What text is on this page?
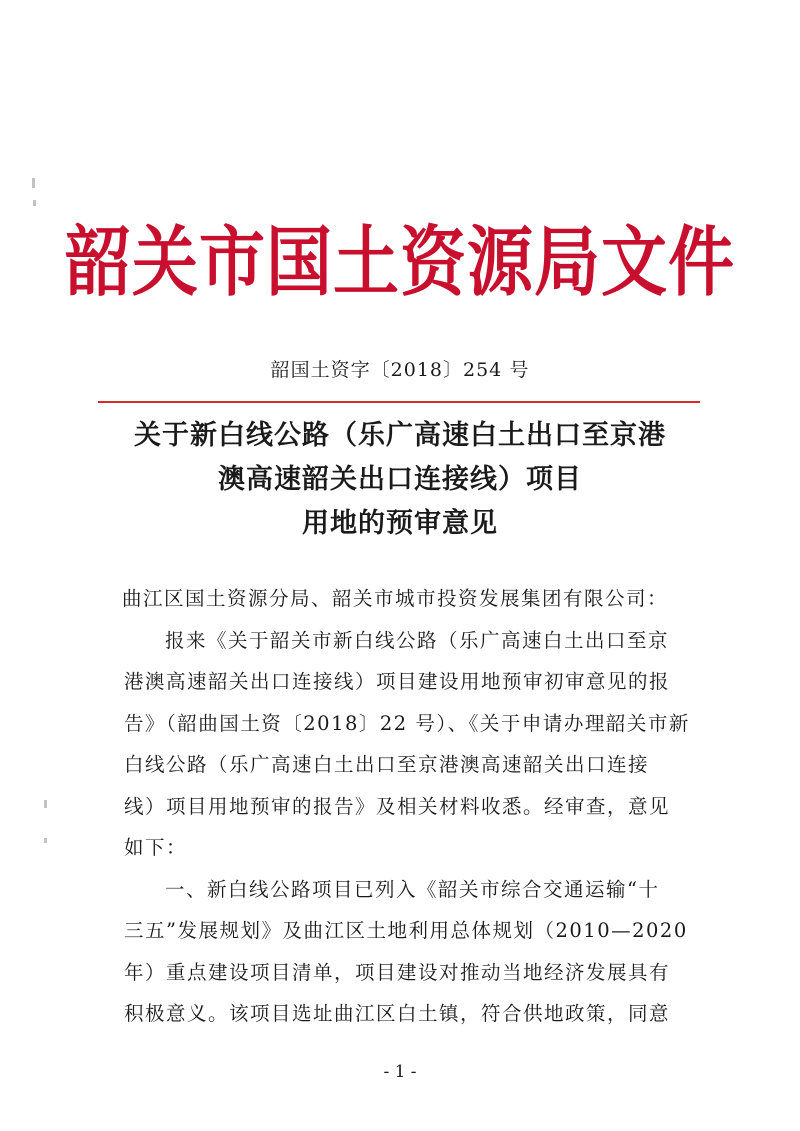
韶关市国土资源局文件
韶国土资字〔2018〕254 号
关于新白线公路（乐广高速白土出口至京港
澳高速韶关出口连接线）项目
用地的预审意见
曲江区国土资源分局、韶关市城市投资发展集团有限公司：
报来《关于韶关市新白线公路（乐广高速白土出口至京
港澳高速韶关出口连接线）项目建设用地预审初审意见的报
告》（韶曲国土资〔2018〕22 号）、《关于申请办理韶关市新
白线公路（乐广高速白土出口至京港澳高速韶关出口连接
线）项目用地预审的报告》及相关材料收悉。经审查，意见
如下：
一、新白线公路项目已列入《韶关市综合交通运输“十
三五”发展规划》及曲江区土地利用总体规划（2010—2020
年）重点建设项目清单，项目建设对推动当地经济发展具有
积极意义。该项目选址曲江区白土镇，符合供地政策，同意
- 1 -
